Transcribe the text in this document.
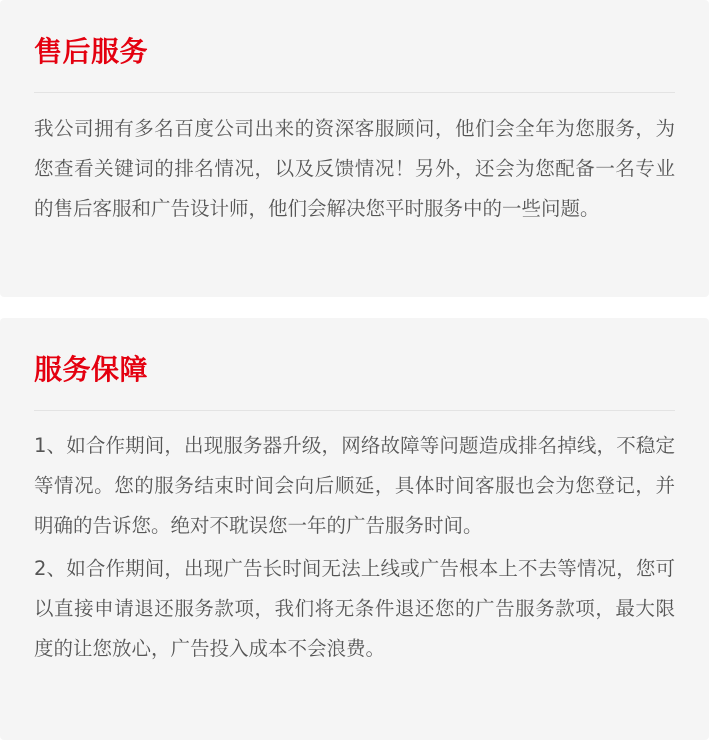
售后服务

我公司拥有多名百度公司出来的资深客服顾问，他们会全年为您服务，为您查看关键词的排名情况，以及反馈情况！另外，还会为您配备一名专业的售后客服和广告设计师，他们会解决您平时服务中的一些问题。

服务保障

1、如合作期间，出现服务器升级，网络故障等问题造成排名掉线，不稳定等情况。您的服务结束时间会向后顺延，具体时间客服也会为您登记，并明确的告诉您。绝对不耽误您一年的广告服务时间。

2、如合作期间，出现广告长时间无法上线或广告根本上不去等情况，您可以直接申请退还服务款项，我们将无条件退还您的广告服务款项，最大限度的让您放心，广告投入成本不会浪费。
